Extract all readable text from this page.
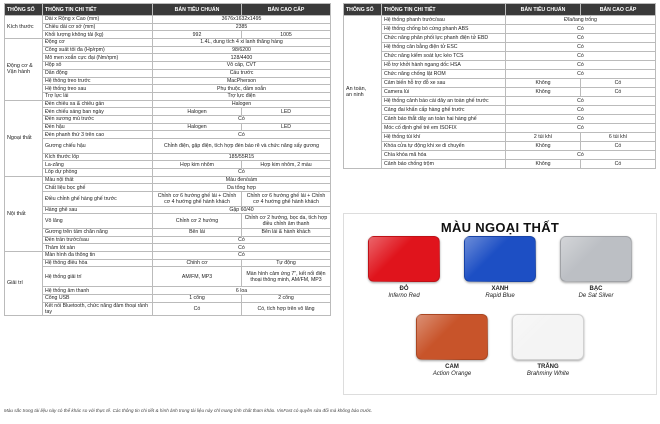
THÔNG SỐ	THÔNG TIN CHI TIẾT	BẢN TIÊU CHUẨN	BẢN CAO CẤP
Kích thước	Dài x Rộng x Cao (mm)	3676x1632x1495	
	Chiều dài cơ sở (mm)	2385	
	Khối lượng không tải (kg)	992	1005
Động cơ &
Vận hành	Động cơ	1.4L, dung tích 4 xi lanh thẳng hàng	
	Công suất tối đa (Hp/rpm)	98/6200	
	Mô men xoắn cực đại (Nm/rpm)	128/4400	
	Hộp số	Vô cấp, CVT	
	Dẫn động	Cầu trước	
	Hệ thống treo trước	MacPherson	
	Hệ thống treo sau	Phụ thuộc, dầm xoắn	
	Trợ lực lái	Trợ lực điện	
Ngoại thất	Đèn chiếu xa & chiếu gần	Halogen	
	Đèn chiếu sáng ban ngày	Halogen	LED
	Đèn sương mù trước	Có	
	Đèn hậu	Halogen	LED
	Đèn phanh thứ 3 trên cao	Có	
	Gương chiếu hậu	Chỉnh điện, gập điện, tích hợp đèn báo rẽ và chức năng sấy gương	
	Kích thước lốp	185/55R15	
	La-zăng	Hợp kim nhôm	Hợp kim nhôm, 2 màu
	Lốp dự phòng	Có	
Nội thất	Màu nội thất	Màu đen/sám	
	Chất liệu bọc ghế	Da tổng hợp	
	Điều chỉnh ghế hàng ghế trước	Chỉnh cơ 6 hướng ghế lái + Chỉnh cơ 4 hướng ghế hành khách	Chỉnh cơ 6 hướng ghế lái + Chỉnh cơ 4 hướng ghế hành khách
	Hàng ghế sau	Gập 60/40	
	Vô lăng	Chỉnh cơ 2 hướng	Chỉnh cơ 2 hướng, bọc da, tích hợp điều chỉnh âm thanh
	Gương trên tấm chắn nắng	Bên lái	Bên lái & hành khách
	Đèn trần trước/sau	Có	
	Thảm lót sàn	Có	
Giải trí	Màn hình đa thông tin	Có	
	Hệ thống điều hòa	Chỉnh cơ	Tự động
	Hệ thống giải trí	AM/FM, MP3	Màn hình cảm ứng 7", kết nối điện thoại thông minh, AM/FM, MP3
	Hệ thống âm thanh	6 loa	
	Cổng USB	1 cổng	2 cổng
	Kết nối Bluetooth, chức năng đàm thoại rảnh tay	Có	Có, tích hợp trên vô lăng
THÔNG SỐ	THÔNG TIN CHI TIẾT	BẢN TIÊU CHUẨN	BẢN CAO CẤP
An toàn,
an ninh	Hệ thống phanh trước/sau	Đĩa/tang trống	
	Hệ thống chống bó cứng phanh ABS	Có	
	Chức năng phân phối lực phanh điện tử EBD	Có	
	Hệ thống cân bằng điện tử ESC	Có	
	Chức năng kiểm soát lực kéo TCS	Có	
	Hỗ trợ khởi hành ngang dốc HSA	Có	
	Chức năng chống lật ROM	Có	
	Cảm biến hỗ trợ đỗ xe sau	Không	Có
	Camera lùi	Không	Có
	Hệ thống cảnh báo cài dây an toàn ghế trước	Có	
	Cảng đai khẩn cấp hàng ghế trước	Có	
	Cảnh báo thắt dây an toàn hai hàng ghế	Có	
	Móc cố định ghế trẻ em ISOFIX	Có	
	Hệ thống túi khí	2 túi khí	6 túi khí
	Khóa cửa tự động khi xe di chuyển	Không	Có
	Chìa khóa mã hóa	Có	
	Cảnh báo chống trộm	Không	Có
MÀU NGOẠI THẤT
ĐỎ
Inferno Red
XANH
Rapid Blue
BẠC
De Sat Silver
CAM
Action Orange
TRẮNG
Brahminy White
Màu sắc trong tài liệu này có thể khác so với thực tế. Các thông tin chi tiết & hình ảnh trong tài liệu này chỉ mang tính chất tham khảo. VinFast có quyền sửa đổi mà không báo trước.
